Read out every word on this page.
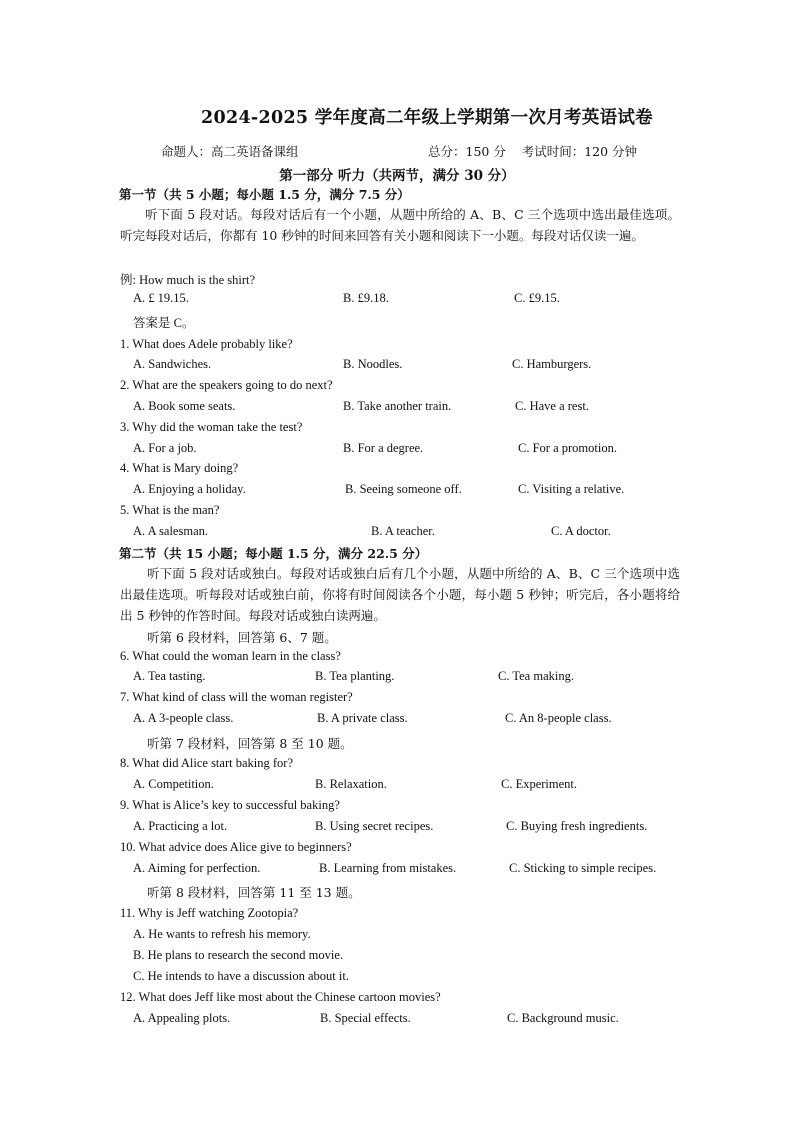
2024-2025 学年度高二年级上学期第一次月考英语试卷
命题人：高二英语备课组	总分：150 分    考试时间：120 分钟
第一部分 听力（共两节，满分 30 分）
第一节（共 5 小题；每小题 1.5 分，满分 7.5 分）
听下面 5 段对话。每段对话后有一个小题，从题中所给的 A、B、C 三个选项中选出最佳选项。听完每段对话后，你都有 10 秒钟的时间来回答有关小题和阅读下一小题。每段对话仅读一遍。
例: How much is the shirt?
A. £ 19.15.	B. £9.18.	C. £9.15.
答案是 C。
1. What does Adele probably like?
A. Sandwiches.	B. Noodles.	C. Hamburgers.
2. What are the speakers going to do next?
A. Book some seats.	B. Take another train.	C. Have a rest.
3. Why did the woman take the test?
A. For a job.	B. For a degree.	C. For a promotion.
4. What is Mary doing?
A. Enjoying a holiday.	B. Seeing someone off.	C. Visiting a relative.
5. What is the man?
A. A salesman.	B. A teacher.	C. A doctor.
第二节（共 15 小题；每小题 1.5 分，满分 22.5 分）
听下面 5 段对话或独白。每段对话或独白后有几个小题，从题中所给的 A、B、C 三个选项中选出最佳选项。听每段对话或独白前，你将有时间阅读各个小题，每小题 5 秒钟；听完后，各小题将给出 5 秒钟的作答时间。每段对话或独白读两遍。
听第 6 段材料，回答第 6、7 题。
6. What could the woman learn in the class?
A. Tea tasting.	B. Tea planting.	C. Tea making.
7. What kind of class will the woman register?
A. A 3-people class.	B. A private class.	C. An 8-people class.
听第 7 段材料，回答第 8 至 10 题。
8. What did Alice start baking for?
A. Competition.	B. Relaxation.	C. Experiment.
9. What is Alice’s key to successful baking?
A. Practicing a lot.	B. Using secret recipes.	C. Buying fresh ingredients.
10. What advice does Alice give to beginners?
A. Aiming for perfection.	B. Learning from mistakes.	C. Sticking to simple recipes.
听第 8 段材料，回答第 11 至 13 题。
11. Why is Jeff watching Zootopia?
A. He wants to refresh his memory.
B. He plans to research the second movie.
C. He intends to have a discussion about it.
12. What does Jeff like most about the Chinese cartoon movies?
A. Appealing plots.	B. Special effects.	C. Background music.
